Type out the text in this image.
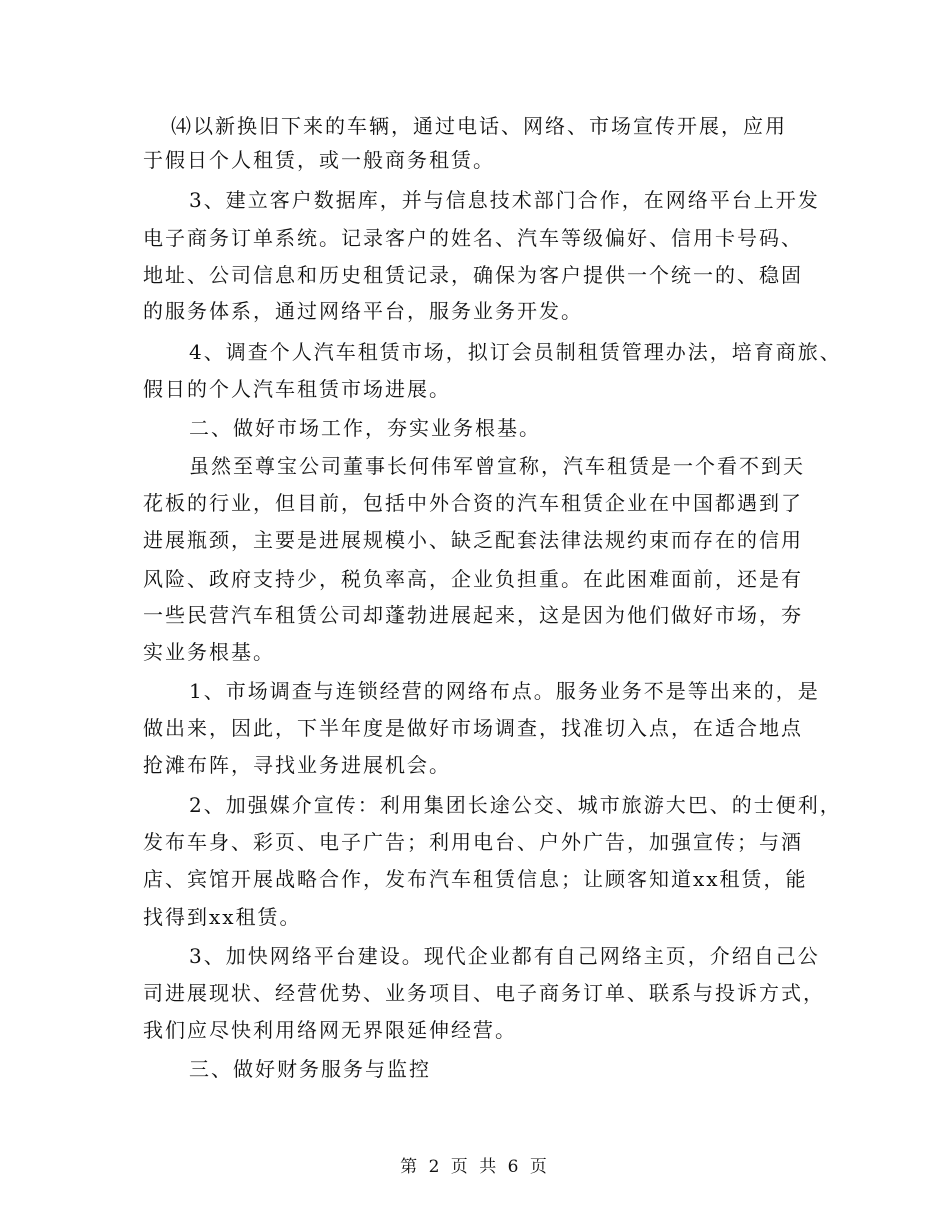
⑷以新换旧下来的车辆，通过电话、网络、市场宣传开展，应用
于假日个人租赁，或一般商务租赁。
3、建立客户数据库，并与信息技术部门合作，在网络平台上开发
电子商务订单系统。记录客户的姓名、汽车等级偏好、信用卡号码、
地址、公司信息和历史租赁记录，确保为客户提供一个统一的、稳固
的服务体系，通过网络平台，服务业务开发。
4、调查个人汽车租赁市场，拟订会员制租赁管理办法，培育商旅、
假日的个人汽车租赁市场进展。
二、做好市场工作，夯实业务根基。
虽然至尊宝公司董事长何伟军曾宣称，汽车租赁是一个看不到天
花板的行业，但目前，包括中外合资的汽车租赁企业在中国都遇到了
进展瓶颈，主要是进展规模小、缺乏配套法律法规约束而存在的信用
风险、政府支持少，税负率高，企业负担重。在此困难面前，还是有
一些民营汽车租赁公司却蓬勃进展起来，这是因为他们做好市场，夯
实业务根基。
1、市场调查与连锁经营的网络布点。服务业务不是等出来的，是
做出来，因此，下半年度是做好市场调查，找准切入点，在适合地点
抢滩布阵，寻找业务进展机会。
2、加强媒介宣传：利用集团长途公交、城市旅游大巴、的士便利，
发布车身、彩页、电子广告；利用电台、户外广告，加强宣传；与酒
店、宾馆开展战略合作，发布汽车租赁信息；让顾客知道xx租赁，能
找得到xx租赁。
3、加快网络平台建设。现代企业都有自己网络主页，介绍自己公
司进展现状、经营优势、业务项目、电子商务订单、联系与投诉方式，
我们应尽快利用络网无界限延伸经营。
三、做好财务服务与监控
第 2 页 共 6 页
